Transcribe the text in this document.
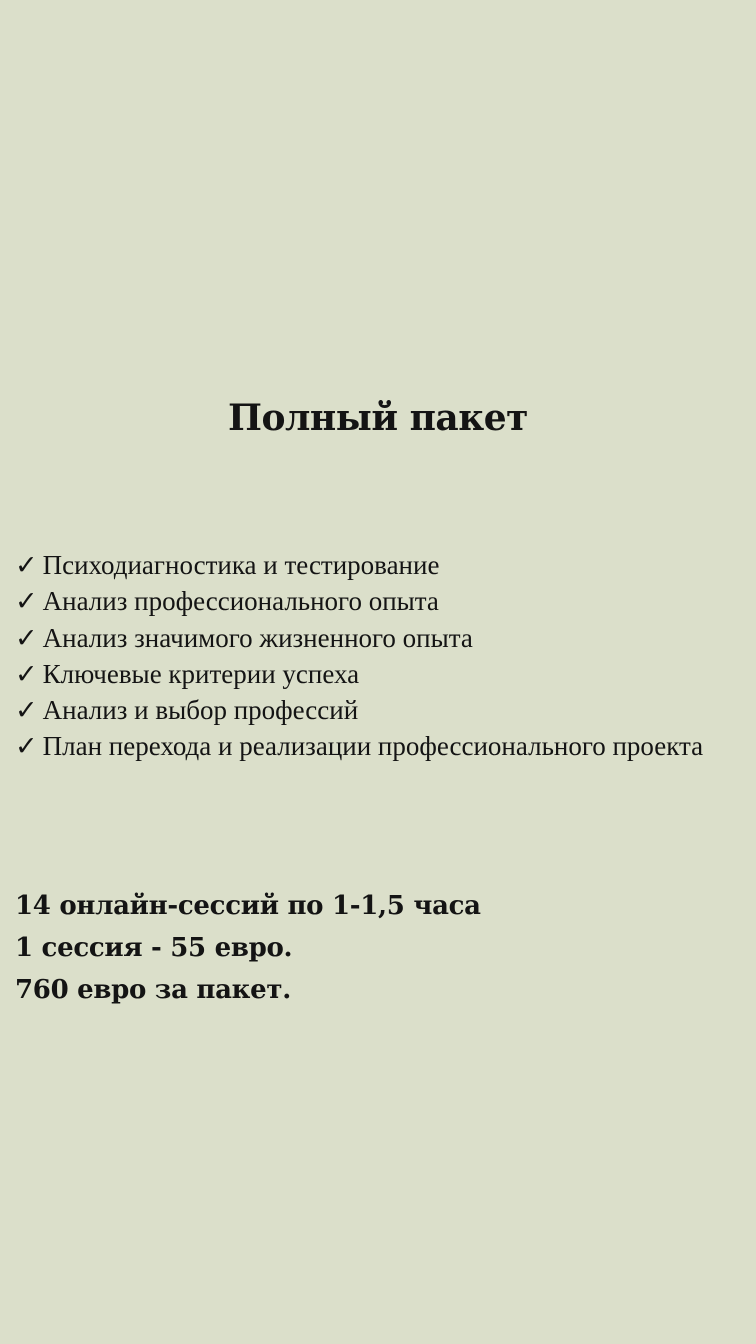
Полный пакет
✓ Психодиагностика и тестирование
✓ Анализ профессионального опыта
✓ Анализ значимого жизненного опыта
✓ Ключевые критерии успеха
✓ Анализ и выбор профессий
✓ План перехода и реализации профессионального проекта
14 онлайн-сессий по 1-1,5 часа
1 сессия - 55 евро.
760 евро за пакет.
